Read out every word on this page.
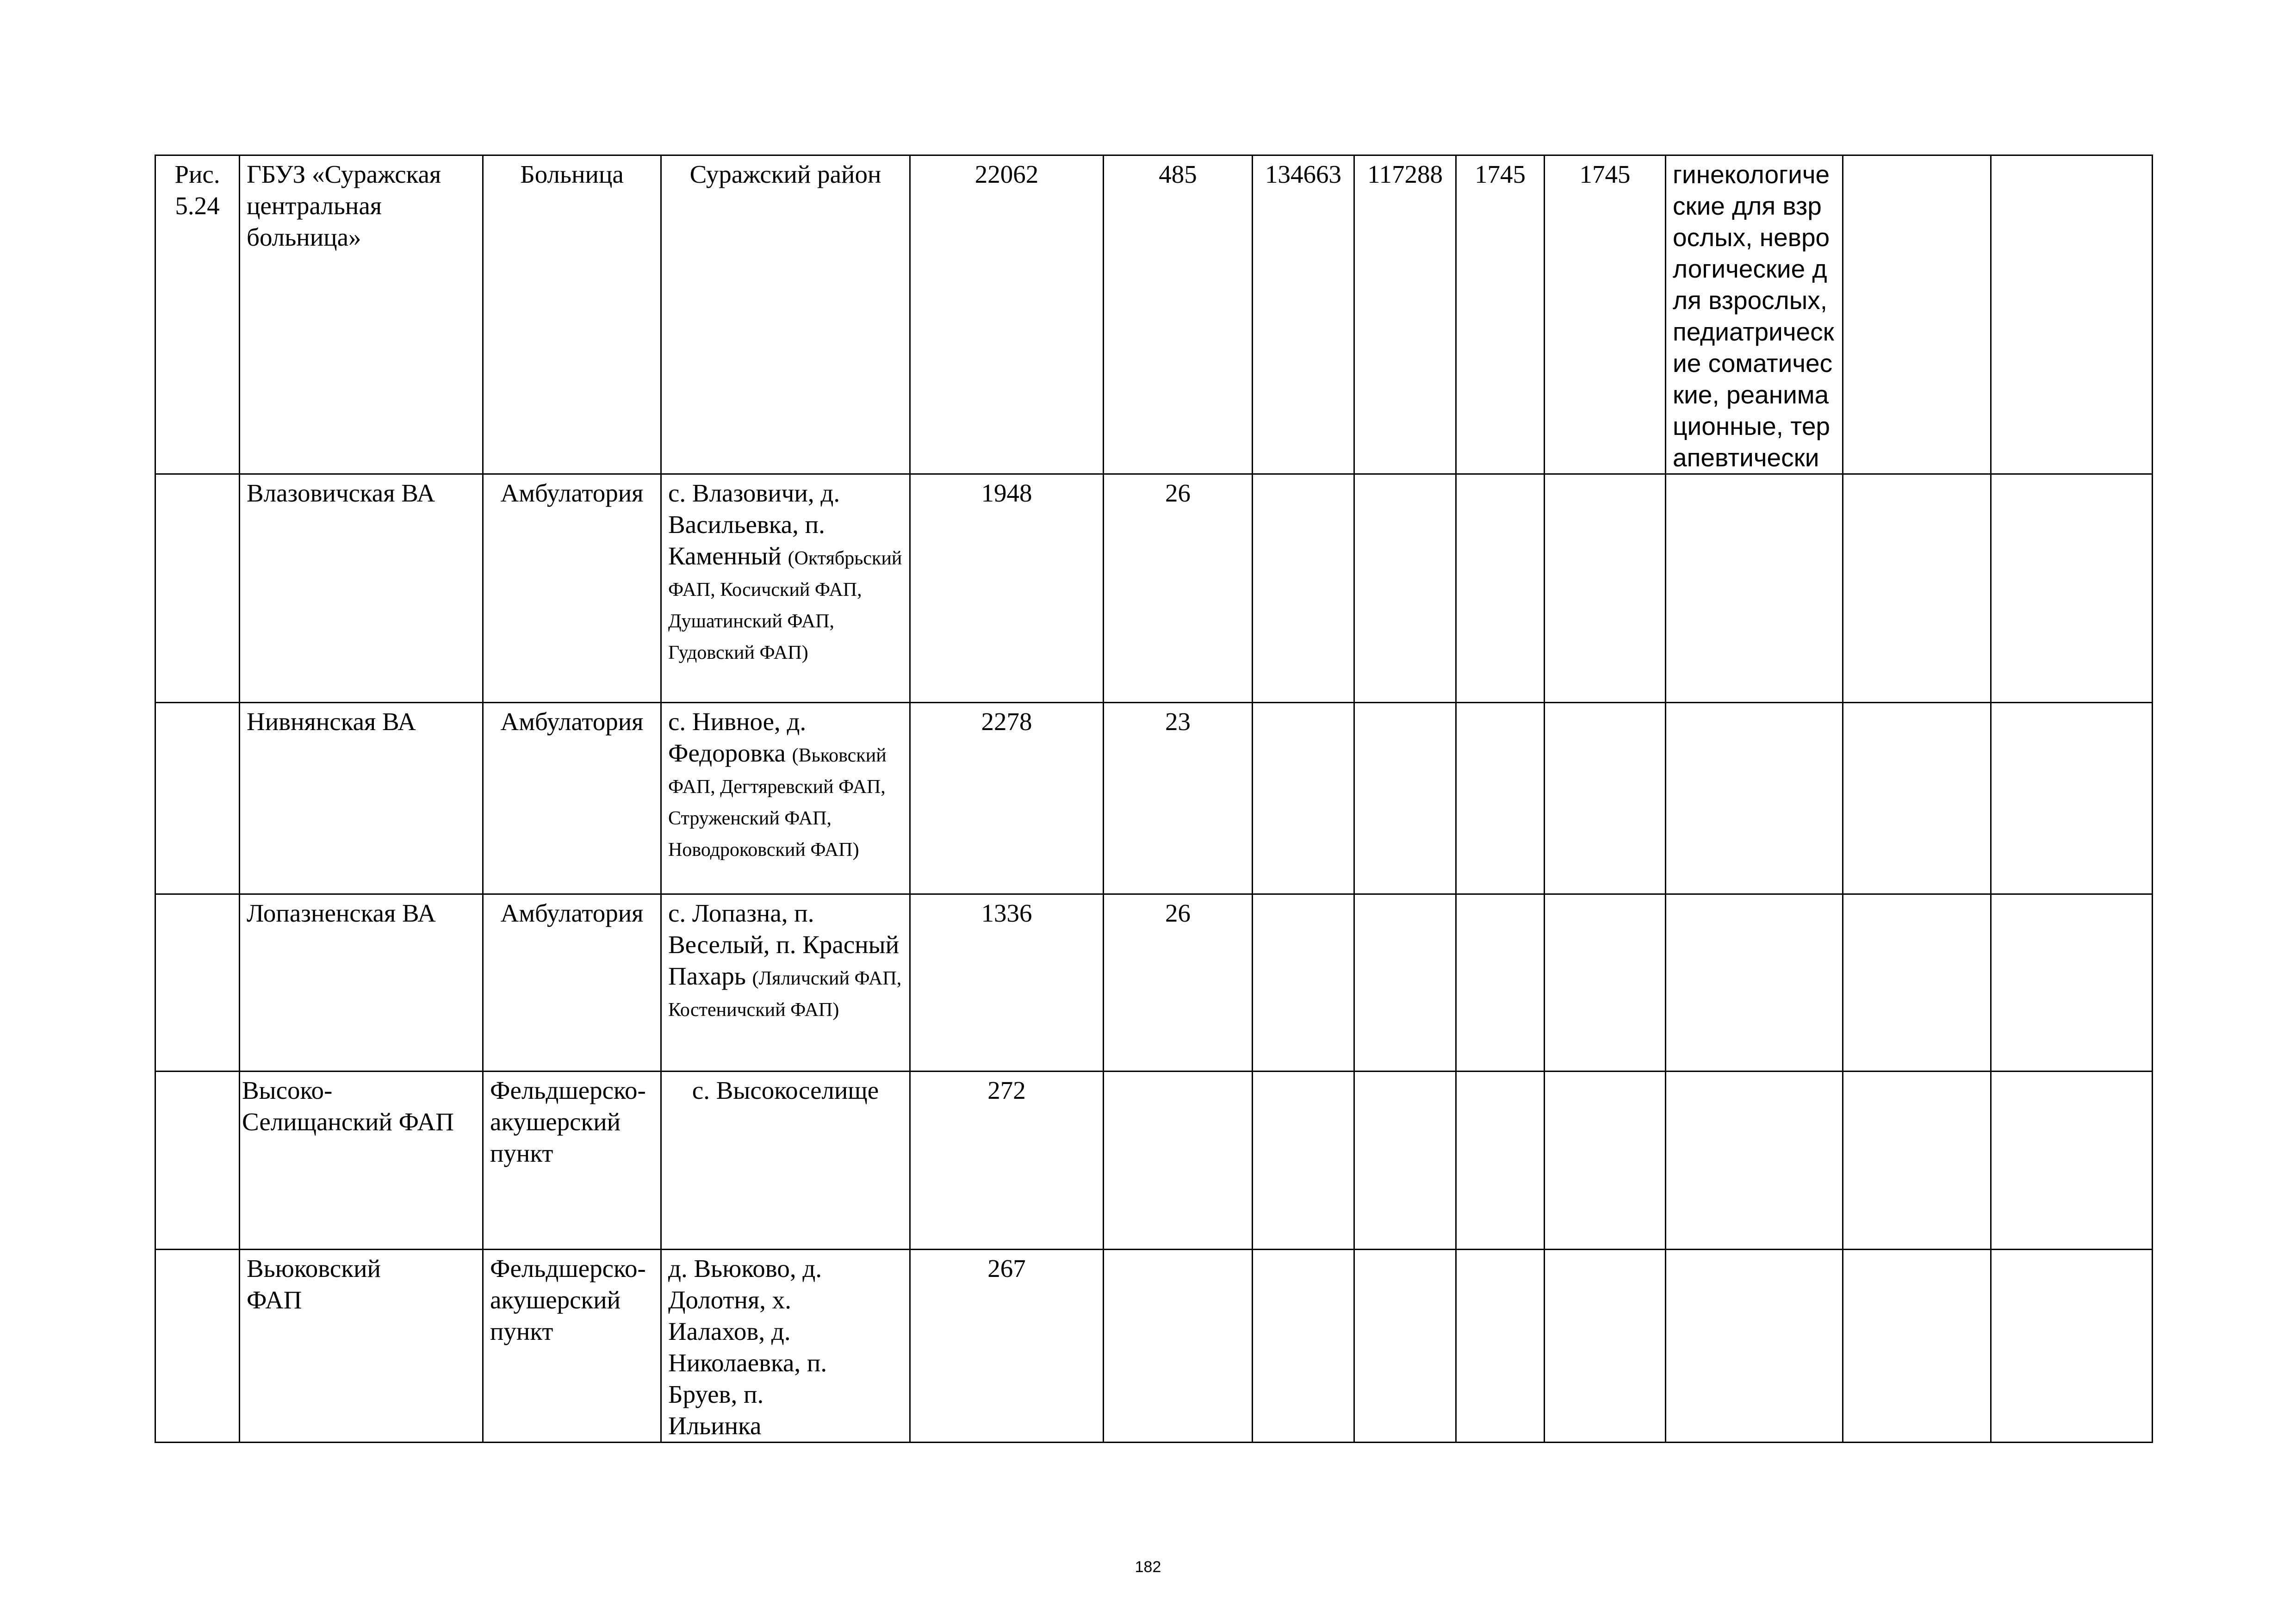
Рис. 5.24	ГБУЗ «Суражская центральная больница»	Больница	Суражский район	22062	485	134663	117288	1745	1745	гинекологические для взрослых, неврологические для взрослых, педиатрические соматические, реанимационные, терапевтически		
	Влазовичская ВА	Амбулатория	с. Влазовичи, д. Васильевка, п. Каменный (Октябрьский ФАП, Косичский ФАП, Душатинский ФАП, Гудовский ФАП)	1948	26							
	Нивнянская ВА	Амбулатория	с. Нивное, д. Федоровка (Вьковский ФАП, Дегтяревский ФАП, Струженский ФАП, Новодроковский ФАП)	2278	23							
	Лопазненская ВА	Амбулатория	с. Лопазна, п. Веселый, п. Красный Пахарь (Ляличский ФАП, Костеничский ФАП)	1336	26							
	Высоко-Селищанский ФАП	Фельдшерско-акушерский пункт	с. Высокоселище	272								
	Вьюковский ФАП	Фельдшерско-акушерский пункт	д. Вьюково, д. Долотня, х. Иалахов, д. Николаевка, п. Бруев, п. Ильинка	267								
182
